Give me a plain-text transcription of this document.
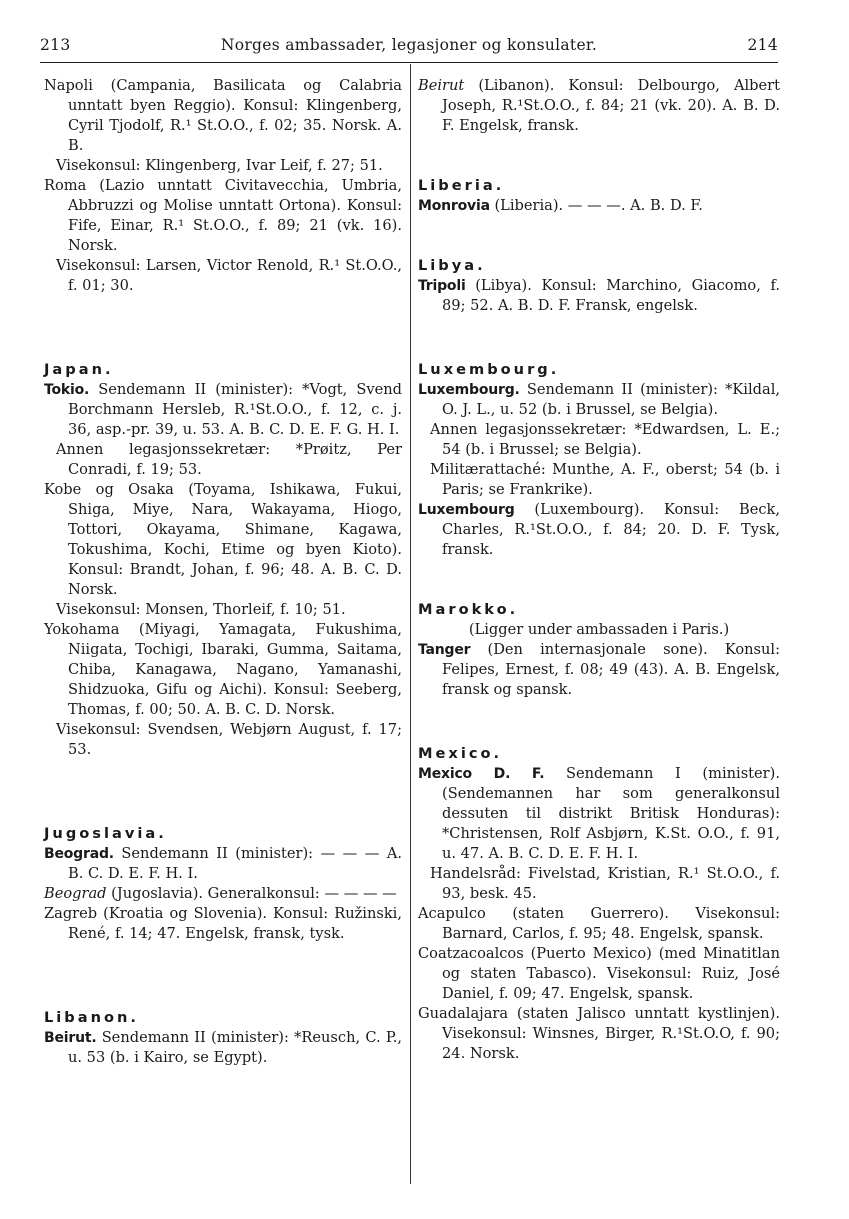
213	Norges ambassader, legasjoner og konsulater.	214

Napoli (Campania, Basilicata og Calabria unntatt byen Reggio). Konsul: Klingenberg, Cyril Tjodolf, R.¹ St.O.O., f. 02; 35. Norsk. A. B.

Visekonsul: Klingenberg, Ivar Leif, f. 27; 51.

Roma (Lazio unntatt Civitavecchia, Umbria, Abbruzzi og Molise unntatt Ortona). Konsul: Fife, Einar, R.¹ St.O.O., f. 89; 21 (vk. 16). Norsk.

Visekonsul: Larsen, Victor Renold, R.¹ St.O.O., f. 01; 30.

Japan.

Tokio. Sendemann II (minister): *Vogt, Svend Borchmann Hersleb, R.¹St.O.O., f. 12, c. j. 36, asp.-pr. 39, u. 53. A. B. C. D. E. F. G. H. I.

Annen legasjonssekretær: *Prøitz, Per Conradi, f. 19; 53.

Kobe og Osaka (Toyama, Ishikawa, Fukui, Shiga, Miye, Nara, Wakayama, Hiogo, Tottori, Okayama, Shimane, Kagawa, Tokushima, Kochi, Etime og byen Kioto). Konsul: Brandt, Johan, f. 96; 48. A. B. C. D. Norsk.

Visekonsul: Monsen, Thorleif, f. 10; 51.

Yokohama (Miyagi, Yamagata, Fukushima, Niigata, Tochigi, Ibaraki, Gumma, Saitama, Chiba, Kanagawa, Nagano, Yamanashi, Shidzuoka, Gifu og Aichi). Konsul: Seeberg, Thomas, f. 00; 50. A. B. C. D. Norsk.

Visekonsul: Svendsen, Webjørn August, f. 17; 53.

Jugoslavia.

Beograd. Sendemann II (minister): — — — A. B. C. D. E. F. H. I.

Beograd (Jugoslavia). Generalkonsul: — — — —

Zagreb (Kroatia og Slovenia). Konsul: Ružinski, René, f. 14; 47. Engelsk, fransk, tysk.

Libanon.

Beirut. Sendemann II (minister): *Reusch, C. P., u. 53 (b. i Kairo, se Egypt).

Beirut (Libanon). Konsul: Delbourgo, Albert Joseph, R.¹St.O.O., f. 84; 21 (vk. 20). A. B. D. F. Engelsk, fransk.

Liberia.

Monrovia (Liberia). — — —. A. B. D. F.

Libya.

Tripoli (Libya). Konsul: Marchino, Giacomo, f. 89; 52. A. B. D. F. Fransk, engelsk.

Luxembourg.

Luxembourg. Sendemann II (minister): *Kildal, O. J. L., u. 52 (b. i Brussel, se Belgia).

Annen legasjonssekretær: *Edwardsen, L. E.; 54 (b. i Brussel; se Belgia).

Militærattaché: Munthe, A. F., oberst; 54 (b. i Paris; se Frankrike).

Luxembourg (Luxembourg). Konsul: Beck, Charles, R.¹St.O.O., f. 84; 20. D. F. Tysk, fransk.

Marokko.

(Ligger under ambassaden i Paris.)

Tanger (Den internasjonale sone). Konsul: Felipes, Ernest, f. 08; 49 (43). A. B. Engelsk, fransk og spansk.

Mexico.

Mexico D. F. Sendemann I (minister). (Sendemannen har som generalkonsul dessuten til distrikt Britisk Honduras): *Christensen, Rolf Asbjørn, K.St. O.O., f. 91, u. 47. A. B. C. D. E. F. H. I.

Handelsråd: Fivelstad, Kristian, R.¹ St.O.O., f. 93, besk. 45.

Acapulco (staten Guerrero). Visekonsul: Barnard, Carlos, f. 95; 48. Engelsk, spansk.

Coatzacoalcos (Puerto Mexico) (med Minatitlan og staten Tabasco). Visekonsul: Ruiz, José Daniel, f. 09; 47. Engelsk, spansk.

Guadalajara (staten Jalisco unntatt kystlinjen). Visekonsul: Winsnes, Birger, R.¹St.O.O, f. 90; 24. Norsk.
